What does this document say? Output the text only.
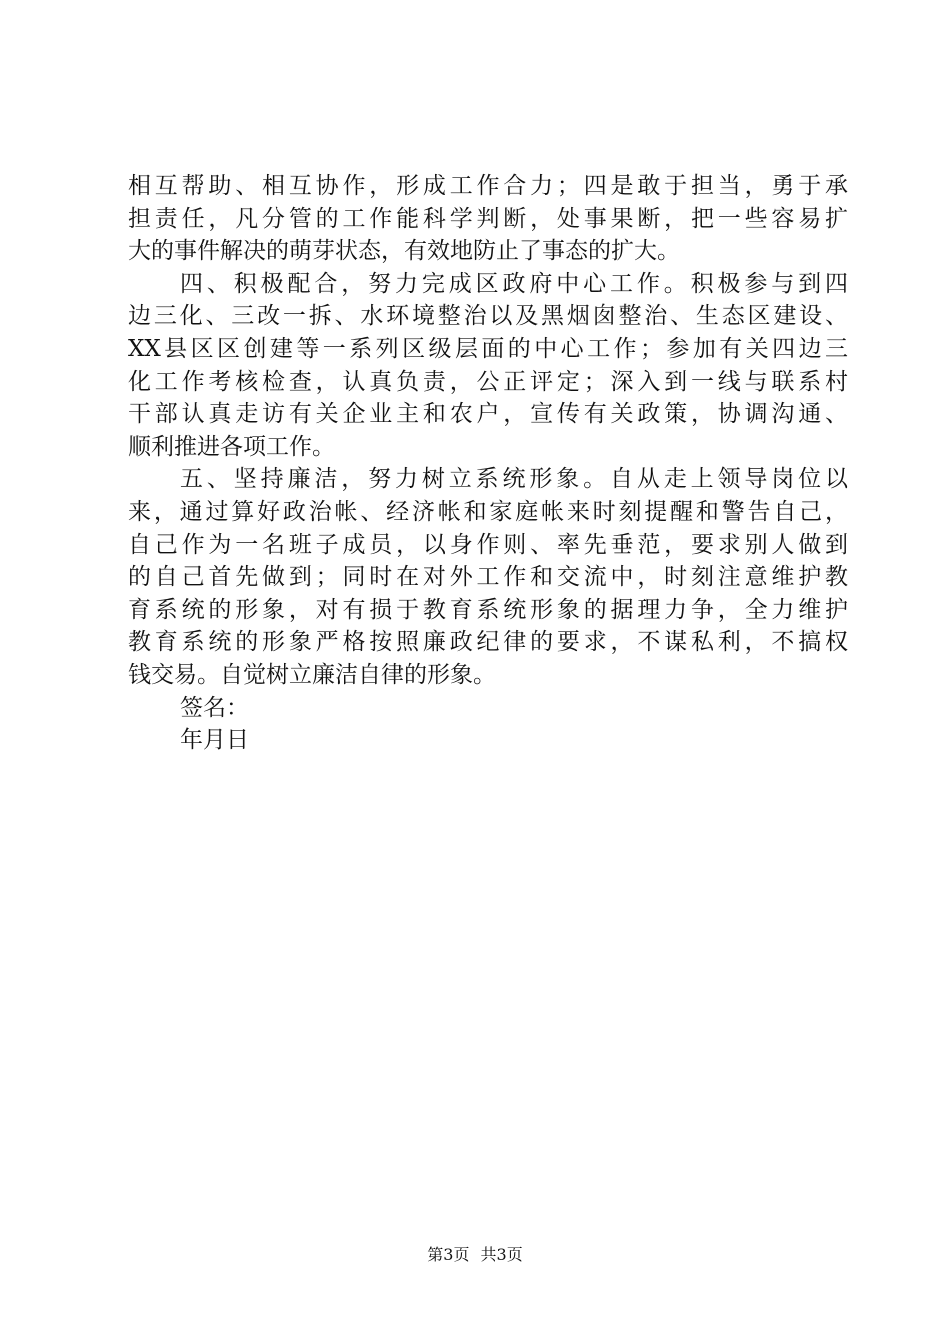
相互帮助、相互协作，形成工作合力；四是敢于担当，勇于承
担责任，凡分管的工作能科学判断，处事果断，把一些容易扩
大的事件解决的萌芽状态，有效地防止了事态的扩大。
四、积极配合，努力完成区政府中心工作。积极参与到四
边三化、三改一拆、水环境整治以及黑烟囱整治、生态区建设、
XX县区区创建等一系列区级层面的中心工作；参加有关四边三
化工作考核检查，认真负责，公正评定；深入到一线与联系村
干部认真走访有关企业主和农户，宣传有关政策，协调沟通、
顺利推进各项工作。
五、坚持廉洁，努力树立系统形象。自从走上领导岗位以
来，通过算好政治帐、经济帐和家庭帐来时刻提醒和警告自己，
自己作为一名班子成员，以身作则、率先垂范，要求别人做到
的自己首先做到；同时在对外工作和交流中，时刻注意维护教
育系统的形象，对有损于教育系统形象的据理力争，全力维护
教育系统的形象严格按照廉政纪律的要求，不谋私利，不搞权
钱交易。自觉树立廉洁自律的形象。
签名：
年月日
第3页 共3页
